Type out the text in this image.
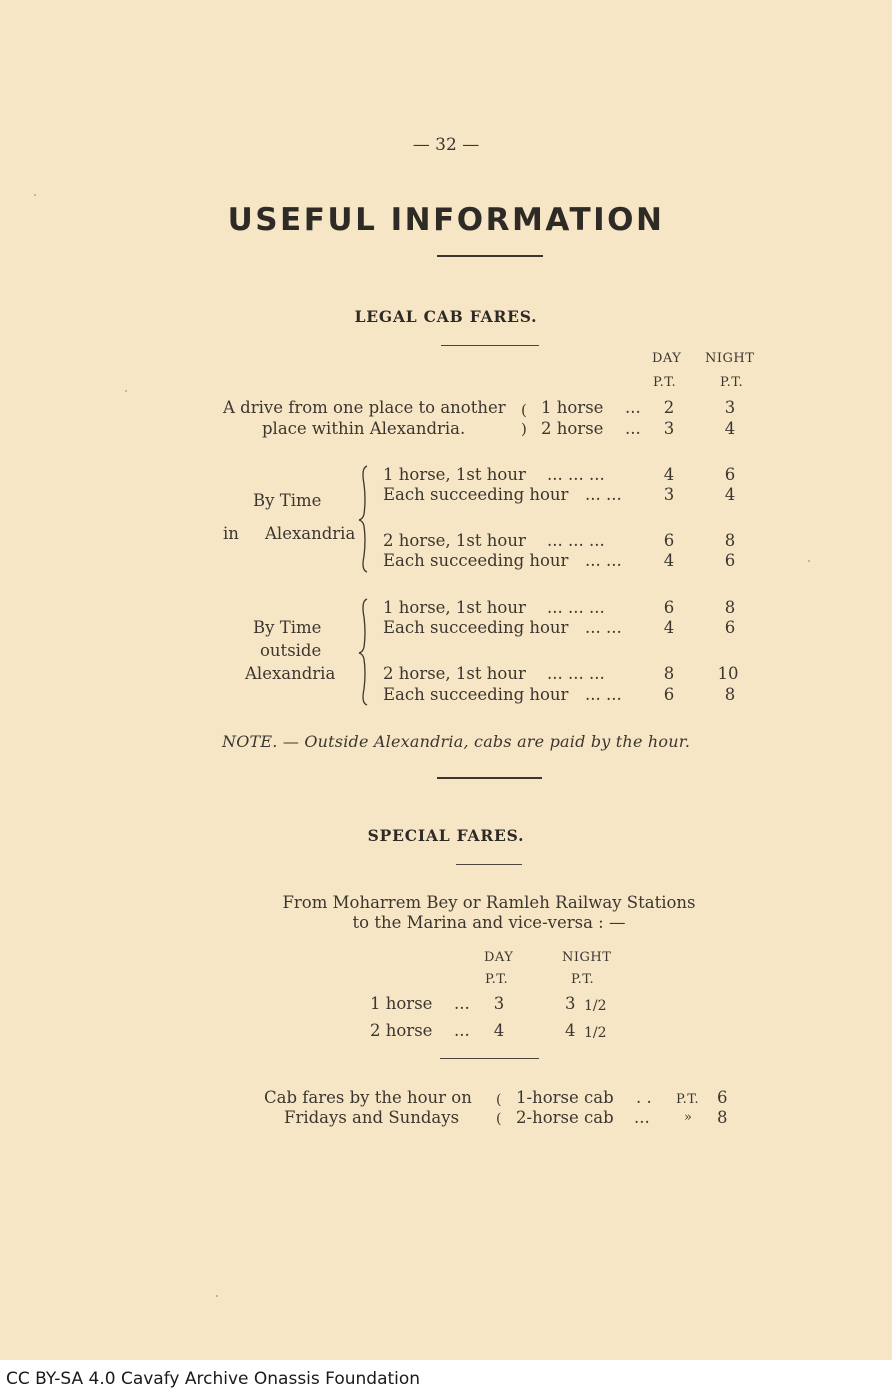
— 32 —
USEFUL INFORMATION
LEGAL CAB FARES.
DAY NIGHT
P.T.	P.T.
A drive from one place to another
place within Alexandria.
(
)
1 horse ...	2	3
2 horse ...	3	4
By Time
in Alexandria
1 horse, 1st hour ... ... ...	4	6
Each succeeding hour ... ...	3	4
2 horse, 1st hour ... ... ...	6	8
Each succeeding hour ... ...	4	6
By Time
outside
Alexandria
1 horse, 1st hour ... ... ...	6	8
Each succeeding hour ... ...	4	6
2 horse, 1st hour ... ... ...	8	10
Each succeeding hour ... ...	6	8
NOTE. — Outside Alexandria, cabs are paid by the hour.
SPECIAL FARES.
From Moharrem Bey or Ramleh Railway Stations
to the Marina and vice-versa : —
DAY	NIGHT
P.T.	P.T.
1 horse ...	3	3 1/2
2 horse ...	4	4 1/2
Cab fares by the hour on
Fridays and Sundays
(
(
1-horse cab . . P.T. 6
2-horse cab ...	» 8
CC BY-SA 4.0 Cavafy Archive Onassis Foundation
